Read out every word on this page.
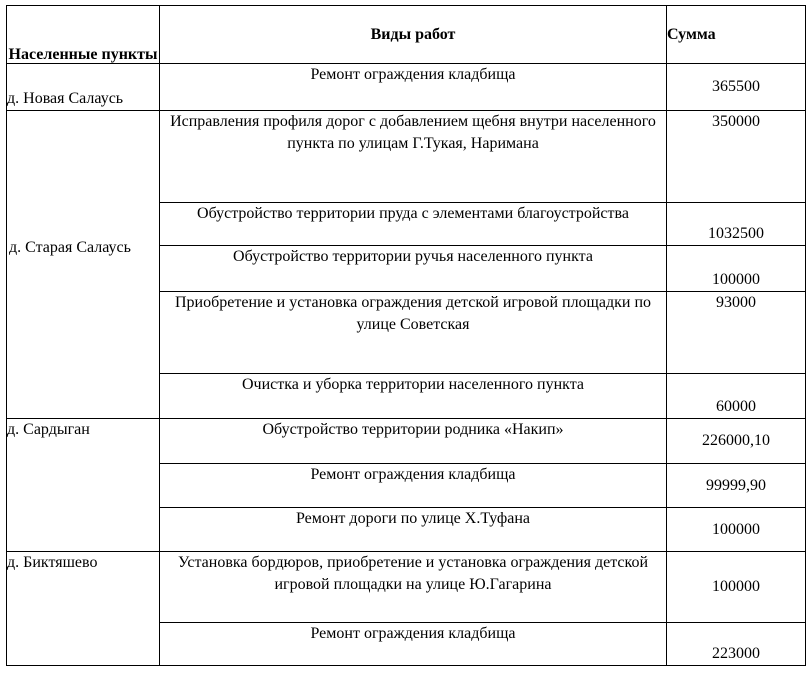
Населенные пункты	Виды работ	Сумма
д. Новая Салаусь	Ремонт ограждения кладбища	365500
д. Старая Салаусь	Исправления профиля дорог с добавлением щебня внутри населенного пункта по улицам Г.Тукая, Наримана	350000
	Обустройство территории пруда с элементами благоустройства	1032500
	Обустройство территории ручья населенного пункта	100000
	Приобретение и установка ограждения детской игровой площадки по улице Советская	93000
	Очистка и уборка территории населенного пункта	60000
д. Сардыган	Обустройство территории родника «Накип»	226000,10
	Ремонт ограждения кладбища	99999,90
	Ремонт дороги по улице Х.Туфана	100000
д. Биктяшево	Установка бордюров, приобретение и установка ограждения детской игровой площадки на улице Ю.Гагарина	100000
	Ремонт ограждения кладбища	223000
